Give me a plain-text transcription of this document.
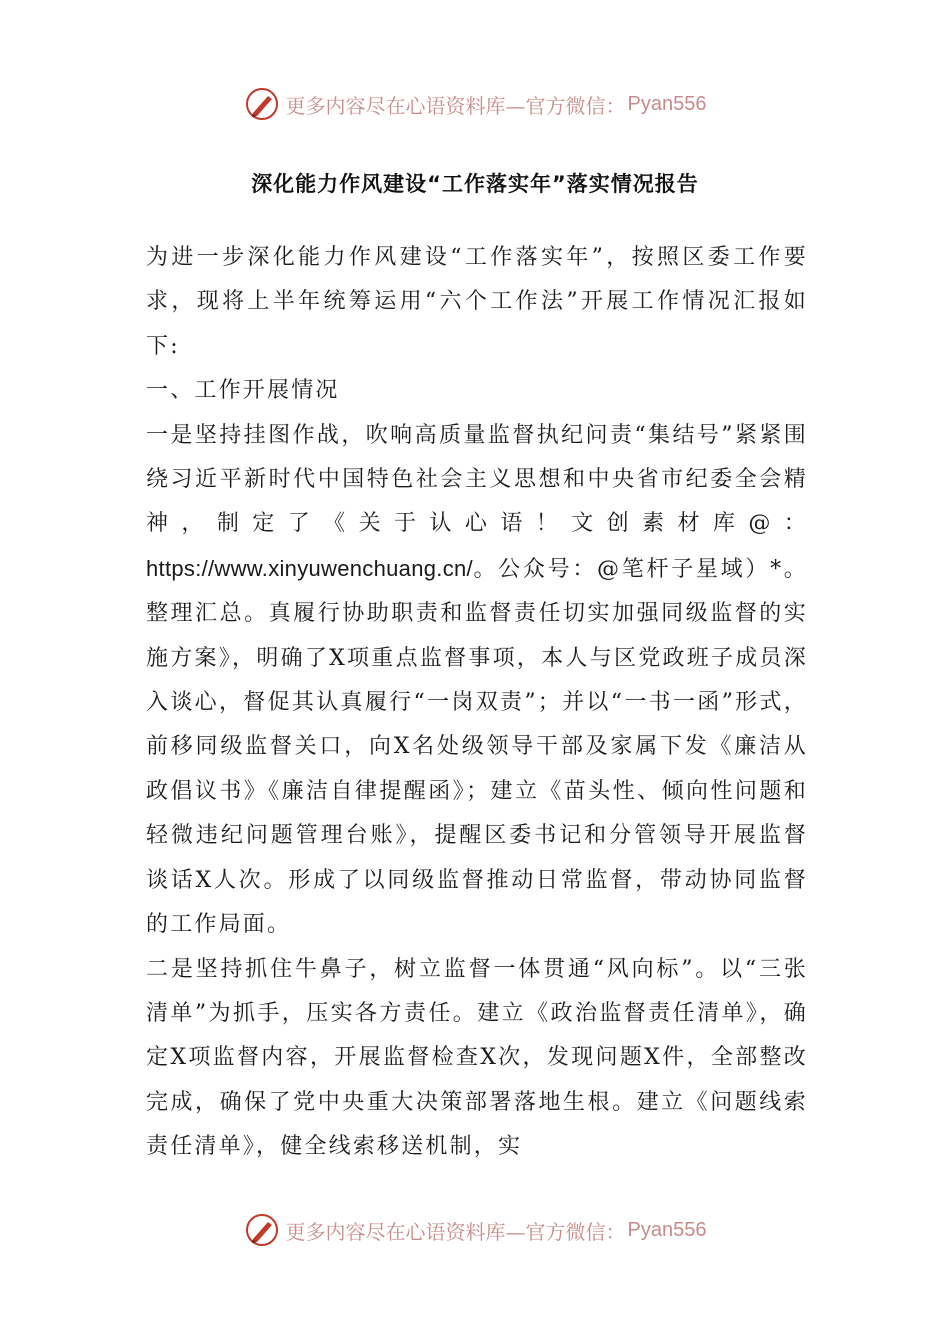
更多内容尽在心语资料库—官方微信： Pyan556
深化能力作风建设“工作落实年”落实情况报告

为进一步深化能力作风建设“工作落实年”，按照区委工作要求，现将上半年统筹运用“六个工作法”开展工作情况汇报如下:

一、工作开展情况

一是坚持挂图作战，吹响高质量监督执纪问责“集结号”紧紧围绕习近平新时代中国特色社会主义思想和中央省市纪委全会精神，制定了《关于认心语！文创素材库@：https://www.xinyuwenchuang.cn/。公众号：@笔杆子星域）*。整理汇总。真履行协助职责和监督责任切实加强同级监督的实施方案》，明确了X项重点监督事项，本人与区党政班子成员深入谈心，督促其认真履行“一岗双责”；并以“一书一函”形式，前移同级监督关口，向X名处级领导干部及家属下发《廉洁从政倡议书》《廉洁自律提醒函》；建立《苗头性、倾向性问题和轻微违纪问题管理台账》，提醒区委书记和分管领导开展监督谈话X人次。形成了以同级监督推动日常监督，带动协同监督的工作局面。

二是坚持抓住牛鼻子，树立监督一体贯通“风向标”。以“三张清单”为抓手，压实各方责任。建立《政治监督责任清单》，确定X项监督内容，开展监督检查X次，发现问题X件，全部整改完成，确保了党中央重大决策部署落地生根。建立《问题线索责任清单》，健全线索移送机制，实

更多内容尽在心语资料库—官方微信： Pyan556
